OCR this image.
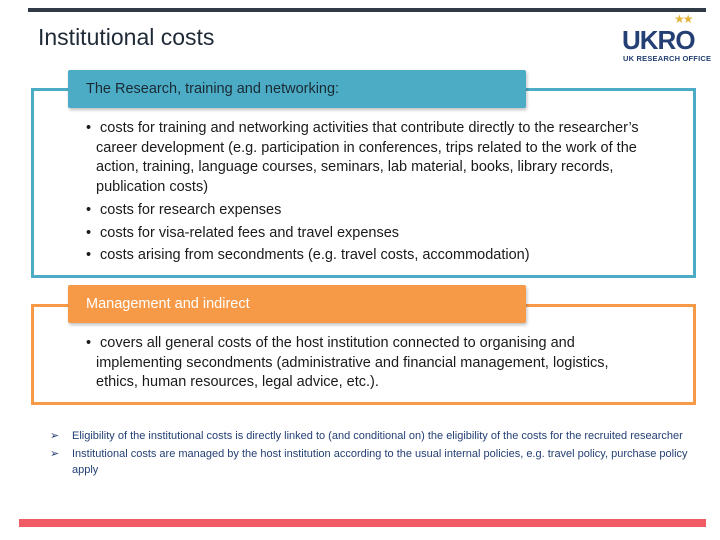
Institutional costs
★★
UKRO
UK RESEARCH OFFICE
The Research, training and networking:
• costs for training and networking activities that contribute directly to the researcher’s career development (e.g. participation in conferences, trips related to the work of the action, training, language courses, seminars, lab material, books, library records, publication costs)
• costs for research expenses
• costs for visa-related fees and travel expenses
• costs arising from secondments (e.g. travel costs, accommodation)
Management and indirect
• covers all general costs of the host institution connected to organising and implementing secondments (administrative and financial management, logistics, ethics, human resources, legal advice, etc.).
➢ Eligibility of the institutional costs is directly linked to (and conditional on) the eligibility of the costs for the recruited researcher
➢ Institutional costs are managed by the host institution according to the usual internal policies, e.g. travel policy, purchase policy apply
